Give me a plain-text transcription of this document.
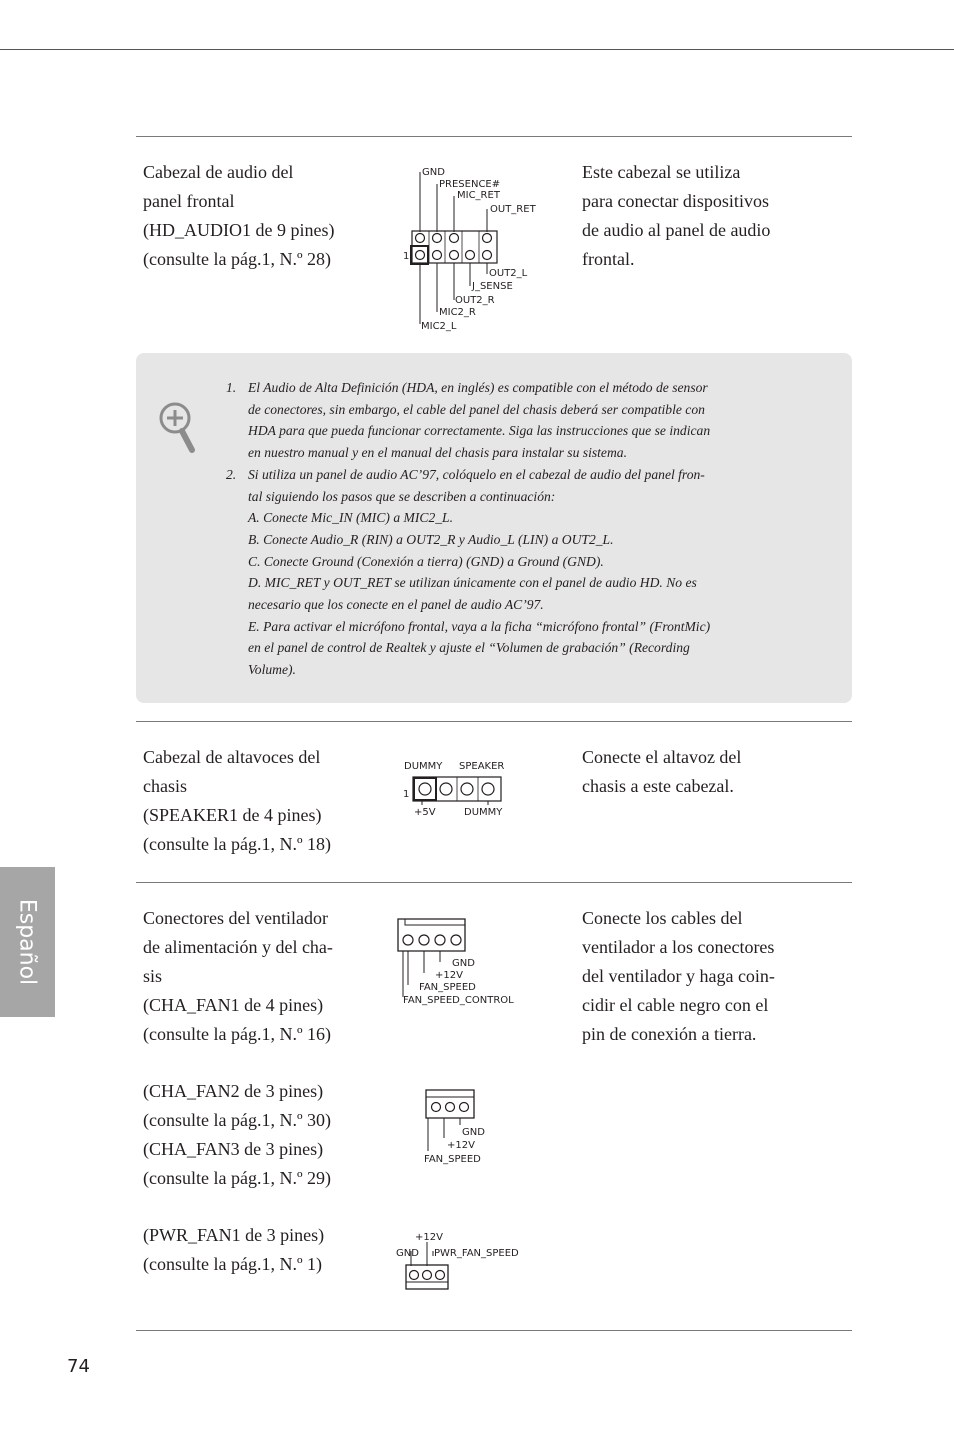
Cabezal de audio del
panel frontal
(HD_AUDIO1 de 9 pines)
(consulte la pág.1, N.º 28)
Este cabezal se utiliza
para conectar dispositivos
de audio al panel de audio
frontal.
GND
PRESENCE#
MIC_RET
OUT_RET
1
OUT2_L
J_SENSE
OUT2_R
MIC2_R
MIC2_L
1. El Audio de Alta Definición (HDA, en inglés) es compatible con el método de sensor
de conectores, sin embargo, el cable del panel del chasis deberá ser compatible con
HDA para que pueda funcionar correctamente. Siga las instrucciones que se indican
en nuestro manual y en el manual del chasis para instalar su sistema.
2. Si utiliza un panel de audio AC’97, colóquelo en el cabezal de audio del panel fron-
tal siguiendo los pasos que se describen a continuación:
A. Conecte Mic_IN (MIC) a MIC2_L.
B. Conecte Audio_R (RIN) a OUT2_R y Audio_L (LIN) a OUT2_L.
C. Conecte Ground (Conexión a tierra) (GND) a Ground (GND).
D. MIC_RET y OUT_RET se utilizan únicamente con el panel de audio HD. No es
necesario que los conecte en el panel de audio AC’97.
E. Para activar el micrófono frontal, vaya a la ficha “micrófono frontal” (FrontMic)
en el panel de control de Realtek y ajuste el “Volumen de grabación” (Recording
Volume).
Cabezal de altavoces del
chasis
(SPEAKER1 de 4 pines)
(consulte la pág.1, N.º 18)
Conecte el altavoz del
chasis a este cabezal.
DUMMY SPEAKER
1
+5V	DUMMY
Conectores del ventilador
de alimentación y del cha-
sis
(CHA_FAN1 de 4 pines)
(consulte la pág.1, N.º 16)
(CHA_FAN2 de 3 pines)
(consulte la pág.1, N.º 30)
(CHA_FAN3 de 3 pines)
(consulte la pág.1, N.º 29)
(PWR_FAN1 de 3 pines)
(consulte la pág.1, N.º 1)
Conecte los cables del
ventilador a los conectores
del ventilador y haga coin-
cidir el cable negro con el
pin de conexión a tierra.
GND
+12V
FAN_SPEED
FAN_SPEED_CONTROL
GND
+12V
FAN_SPEED
+12V
GND PWR_FAN_SPEED
Español
74
